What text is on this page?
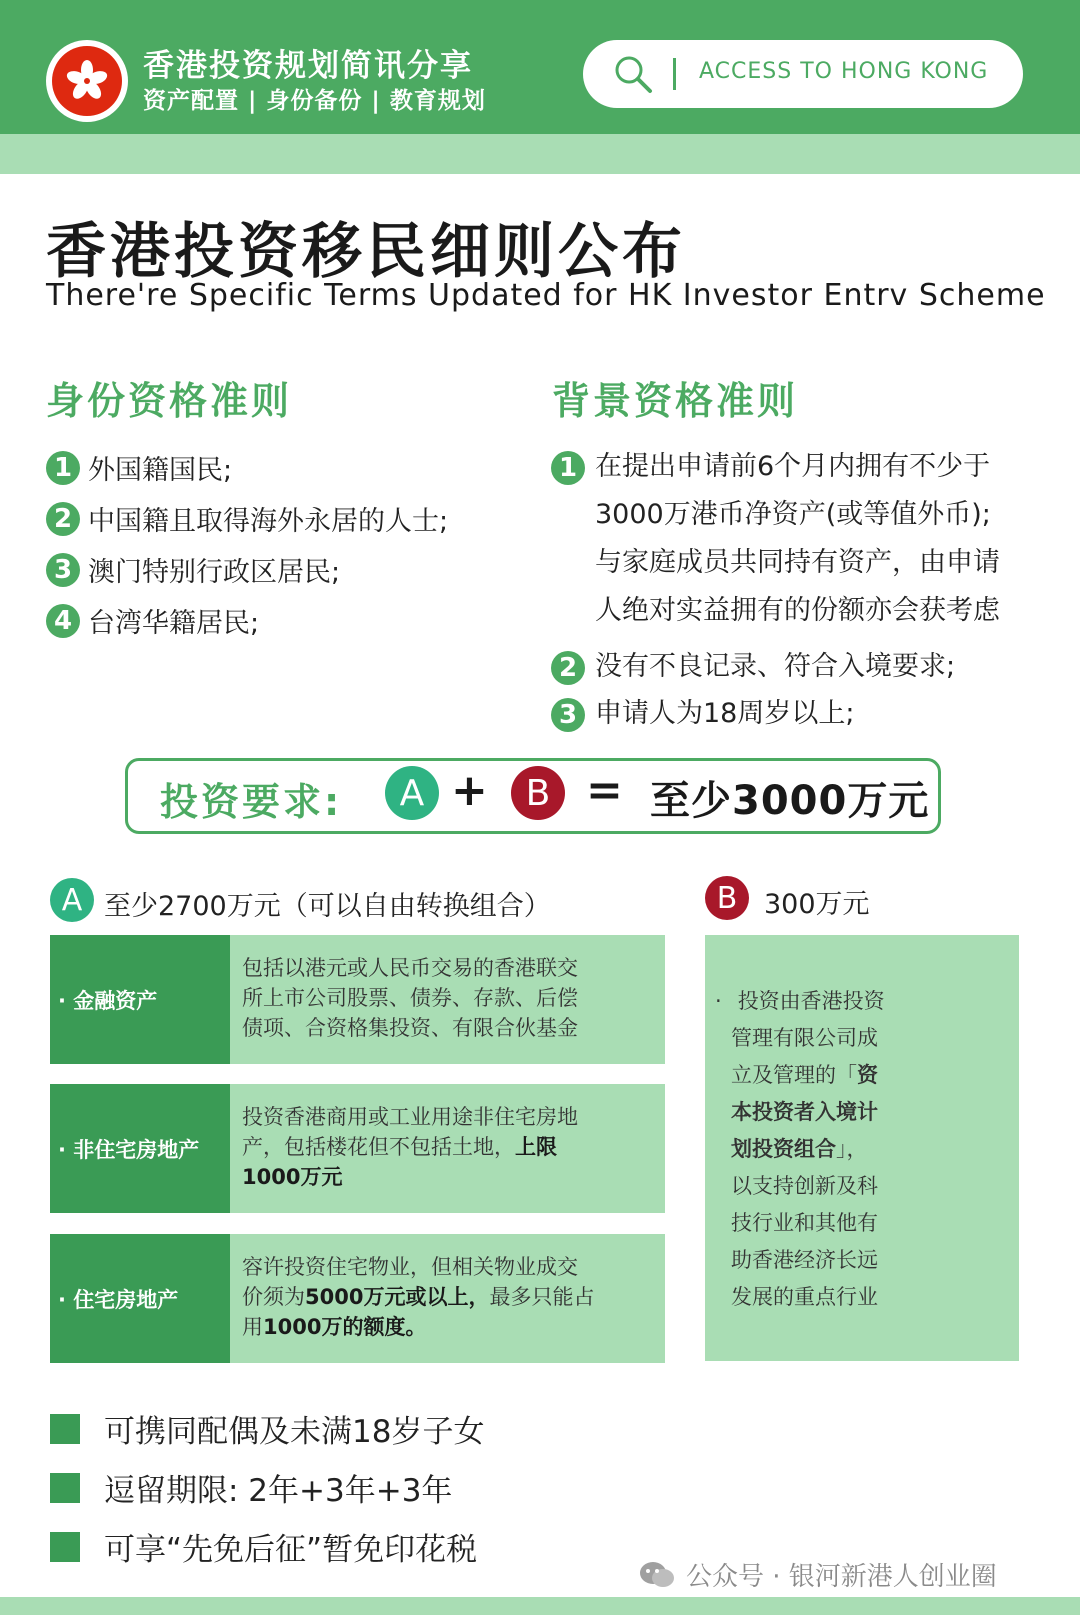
香港投资规划简讯分享
资产配置 | 身份备份 | 教育规划
ACCESS TO HONG KONG
香港投资移民细则公布
There're Specific Terms Updated for HK Investor Entrv Scheme
身份资格准则
1 外国籍国民;
2 中国籍且取得海外永居的人士;
3 澳门特别行政区居民;
4 台湾华籍居民;
背景资格准则
1 在提出申请前6个月内拥有不少于
3000万港币净资产(或等值外币);
与家庭成员共同持有资产，由申请
人绝对实益拥有的份额亦会获考虑
2 没有不良记录、符合入境要求;
3 申请人为18周岁以上;
投资要求:	A +	B = 至少3000万元
A 至少2700万元（可以自由转换组合）
· 金融资产
包括以港元或人民币交易的香港联交
所上市公司股票、债券、存款、后偿
债项、合资格集投资、有限合伙基金
· 非住宅房地产
投资香港商用或工业用途非住宅房地
产，包括楼花但不包括土地，上限
1000万元
· 住宅房地产
容许投资住宅物业，但相关物业成交
价须为5000万元或以上，最多只能占
用1000万的额度。
B 300万元
· 投资由香港投资
管理有限公司成
立及管理的「资
本投资者入境计
划投资组合」，
以支持创新及科
技行业和其他有
助香港经济长远
发展的重点行业
可携同配偶及未满18岁子女
逗留期限: 2年+3年+3年
可享“先免后征”暂免印花税
公众号 · 银河新港人创业圈
